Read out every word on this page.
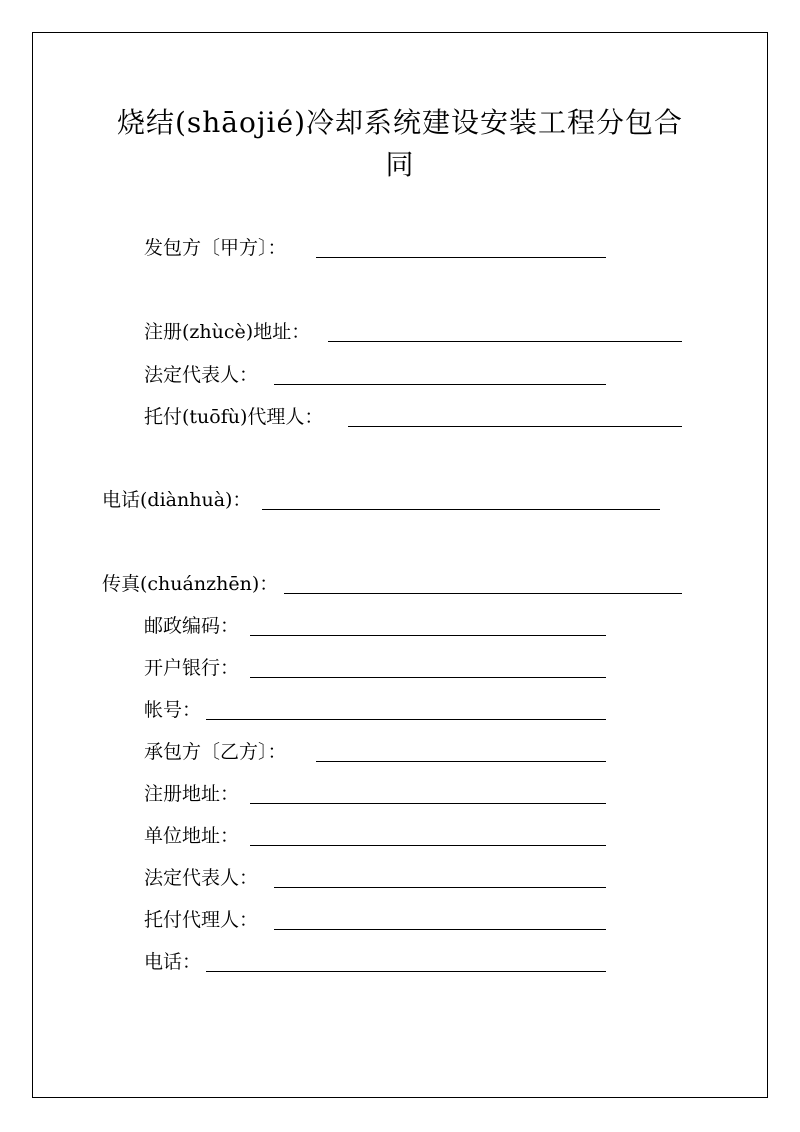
烧结(shāojié)冷却系统建设安装工程分包合
同
发包方〔甲方〕：
注册(zhùcè)地址：
法定代表人：
托付(tuōfù)代理人：
电话(diànhuà)：
传真(chuánzhēn)：
邮政编码：
开户银行：
帐号：
承包方〔乙方〕：
注册地址：
单位地址：
法定代表人：
托付代理人：
电话：
